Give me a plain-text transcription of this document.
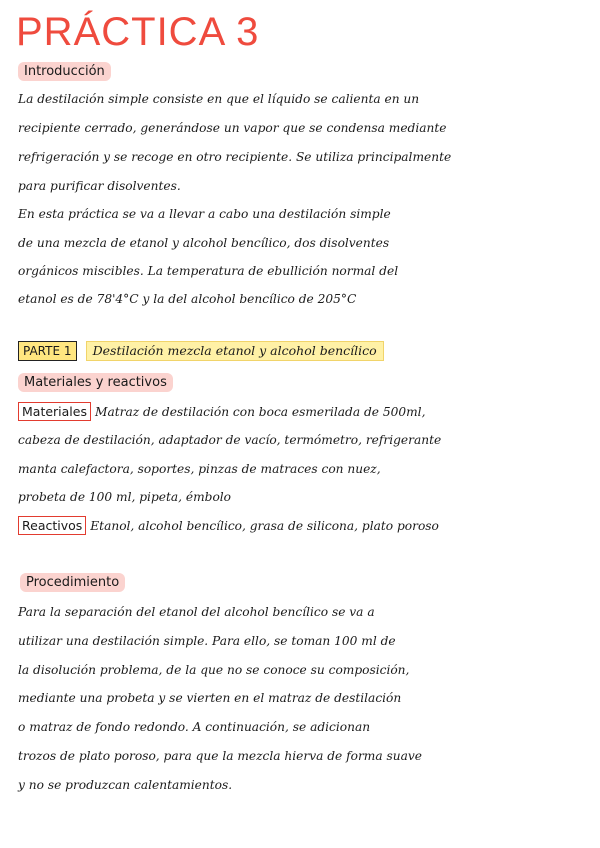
PRÁCTICA 3
Introducción
La destilación simple consiste en que el líquido se calienta en un
recipiente cerrado, generándose un vapor que se condensa mediante
refrigeración y se recoge en otro recipiente. Se utiliza principalmente
para purificar disolventes.
En esta práctica se va a llevar a cabo una destilación simple
de una mezcla de etanol y alcohol bencílico, dos disolventes
orgánicos miscibles. La temperatura de ebullición normal del
etanol es de 78'4°C y la del alcohol bencílico de 205°C
PARTE 1 Destilación mezcla etanol y alcohol bencílico
Materiales y reactivos
Materiales Matraz de destilación con boca esmerilada de 500ml,
cabeza de destilación, adaptador de vacío, termómetro, refrigerante
manta calefactora, soportes, pinzas de matraces con nuez,
probeta de 100 ml, pipeta, émbolo
Reactivos Etanol, alcohol bencílico, grasa de silicona, plato poroso
Procedimiento
Para la separación del etanol del alcohol bencílico se va a
utilizar una destilación simple. Para ello, se toman 100 ml de
la disolución problema, de la que no se conoce su composición,
mediante una probeta y se vierten en el matraz de destilación
o matraz de fondo redondo. A continuación, se adicionan
trozos de plato poroso, para que la mezcla hierva de forma suave
y no se produzcan calentamientos.
